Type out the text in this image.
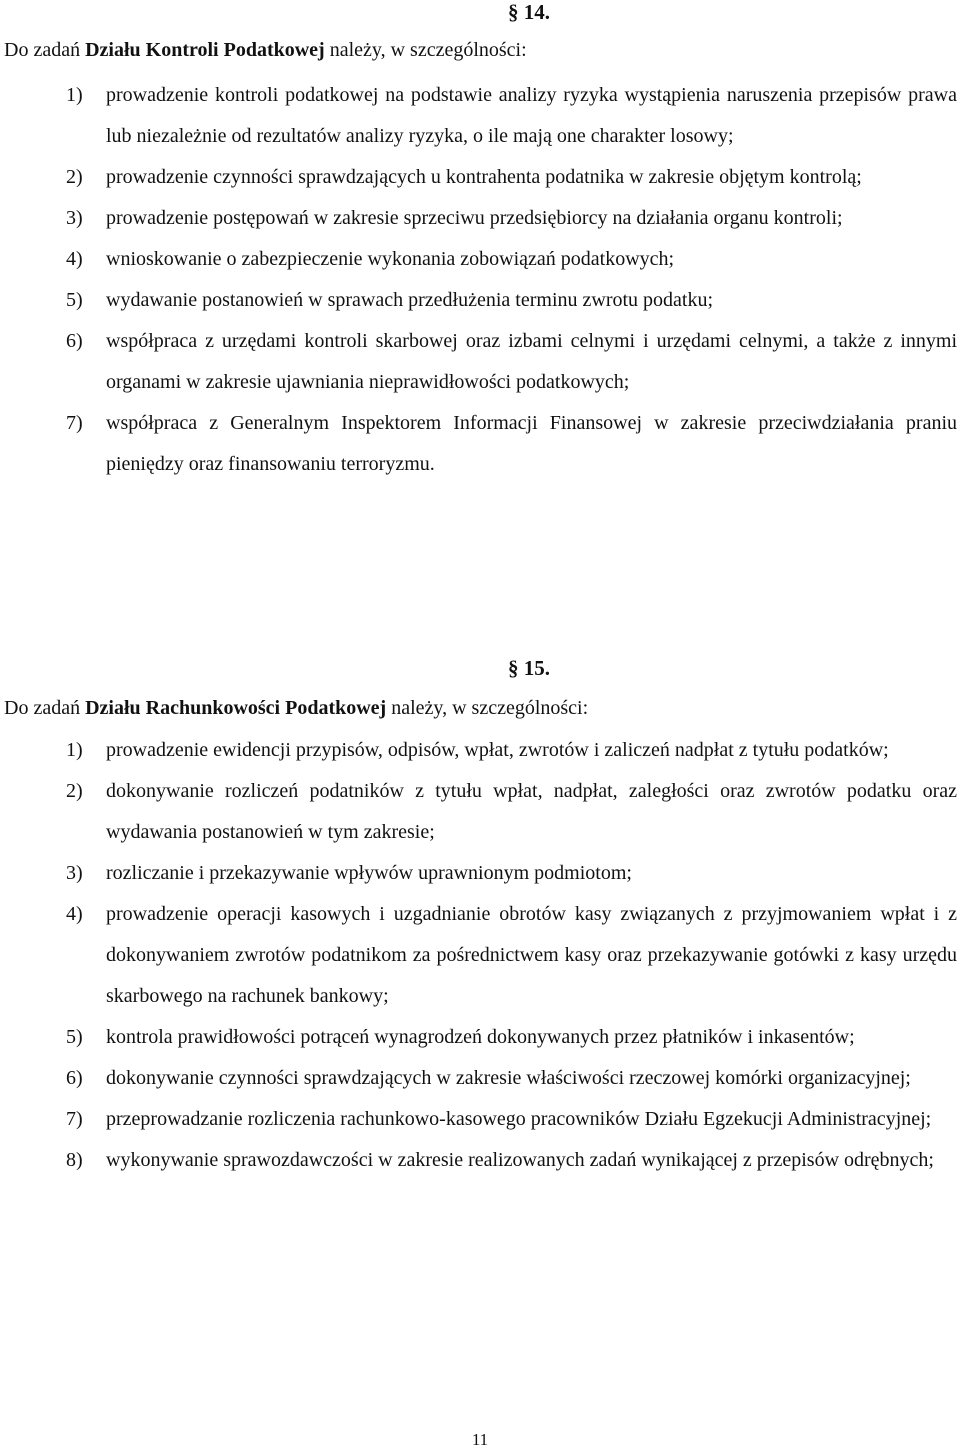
§ 14.
Do zadań Działu Kontroli Podatkowej należy, w szczególności:
1) prowadzenie kontroli podatkowej na podstawie analizy ryzyka wystąpienia naruszenia przepisów prawa lub niezależnie od rezultatów analizy ryzyka, o ile mają one charakter losowy;
2) prowadzenie czynności sprawdzających u kontrahenta podatnika w zakresie objętym kontrolą;
3) prowadzenie postępowań w zakresie sprzeciwu przedsiębiorcy na działania organu kontroli;
4) wnioskowanie o zabezpieczenie wykonania zobowiązań podatkowych;
5) wydawanie postanowień w sprawach przedłużenia terminu zwrotu podatku;
6) współpraca z urzędami kontroli skarbowej oraz izbami celnymi i urzędami celnymi, a także z innymi organami w zakresie ujawniania nieprawidłowości podatkowych;
7) współpraca z Generalnym Inspektorem Informacji Finansowej w zakresie przeciwdziałania praniu pieniędzy oraz finansowaniu terroryzmu.
§ 15.
Do zadań Działu Rachunkowości Podatkowej należy, w szczególności:
1) prowadzenie ewidencji przypisów, odpisów, wpłat, zwrotów i zaliczeń nadpłat z tytułu podatków;
2) dokonywanie rozliczeń podatników z tytułu wpłat, nadpłat, zaległości oraz zwrotów podatku oraz wydawania postanowień w tym zakresie;
3) rozliczanie i przekazywanie wpływów uprawnionym podmiotom;
4) prowadzenie operacji kasowych i uzgadnianie obrotów kasy związanych z przyjmowaniem wpłat i z dokonywaniem zwrotów podatnikom za pośrednictwem kasy oraz przekazywanie gotówki z kasy urzędu skarbowego na rachunek bankowy;
5) kontrola prawidłowości potrąceń wynagrodzeń dokonywanych przez płatników i inkasentów;
6) dokonywanie czynności sprawdzających w zakresie właściwości rzeczowej komórki organizacyjnej;
7) przeprowadzanie rozliczenia rachunkowo-kasowego pracowników Działu Egzekucji Administracyjnej;
8) wykonywanie sprawozdawczości w zakresie realizowanych zadań wynikającej z przepisów odrębnych;
11
